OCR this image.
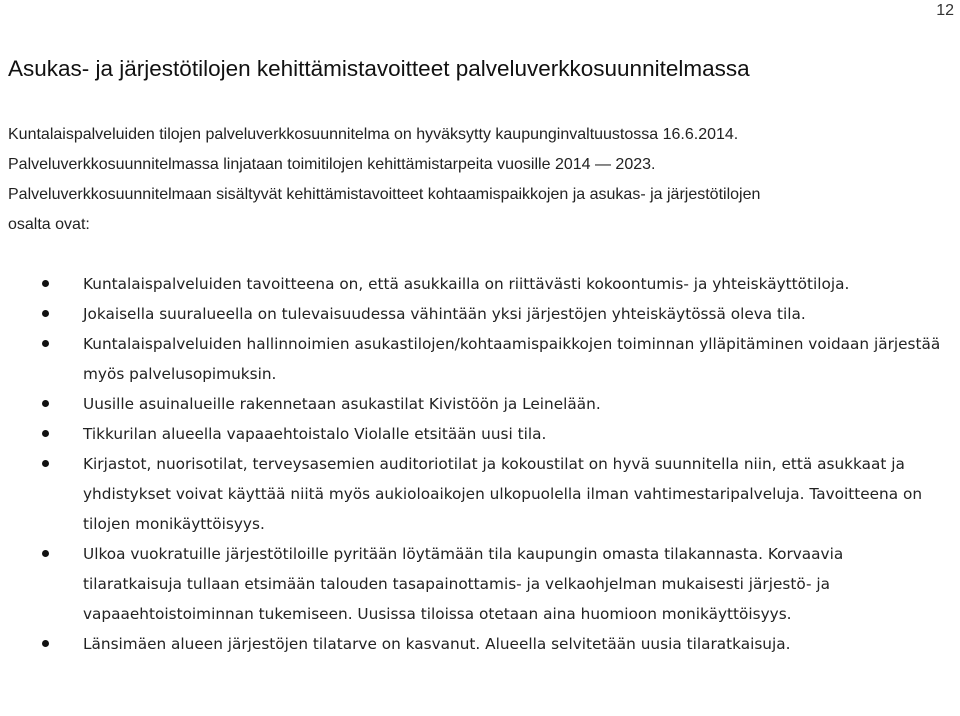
12
Asukas- ja järjestötilojen kehittämistavoitteet palveluverkkosuunnitelmassa

Kuntalaispalveluiden tilojen palveluverkkosuunnitelma on hyväksytty kaupunginvaltuustossa 16.6.2014.

Palveluverkkosuunnitelmassa linjataan toimitilojen kehittämistarpeita vuosille 2014 — 2023.

Palveluverkkosuunnitelmaan sisältyvät kehittämistavoitteet kohtaamispaikkojen ja asukas- ja järjestötilojen

osalta ovat:

Kuntalaispalveluiden tavoitteena on, että asukkailla on riittävästi kokoontumis- ja yhteiskäyttötiloja.
Jokaisella suuralueella on tulevaisuudessa vähintään yksi järjestöjen yhteiskäytössä oleva tila.
Kuntalaispalveluiden hallinnoimien asukastilojen/kohtaamispaikkojen toiminnan ylläpitäminen voidaan järjestää myös palvelusopimuksin.
Uusille asuinalueille rakennetaan asukastilat Kivistöön ja Leinelään.
Tikkurilan alueella vapaaehtoistalo Violalle etsitään uusi tila.
Kirjastot, nuorisotilat, terveysasemien auditoriotilat ja kokoustilat on hyvä suunnitella niin, että asukkaat ja yhdistykset voivat käyttää niitä myös aukioloaikojen ulkopuolella ilman vahtimestaripalveluja. Tavoitteena on tilojen monikäyttöisyys.
Ulkoa vuokratuille järjestötiloille pyritään löytämään tila kaupungin omasta tilakannasta. Korvaavia tilaratkaisuja tullaan etsimään talouden tasapainottamis- ja velkaohjelman mukaisesti järjestö- ja vapaaehtoistoiminnan tukemiseen. Uusissa tiloissa otetaan aina huomioon monikäyttöisyys.
Länsimäen alueen järjestöjen tilatarve on kasvanut. Alueella selvitetään uusia tilaratkaisuja.
